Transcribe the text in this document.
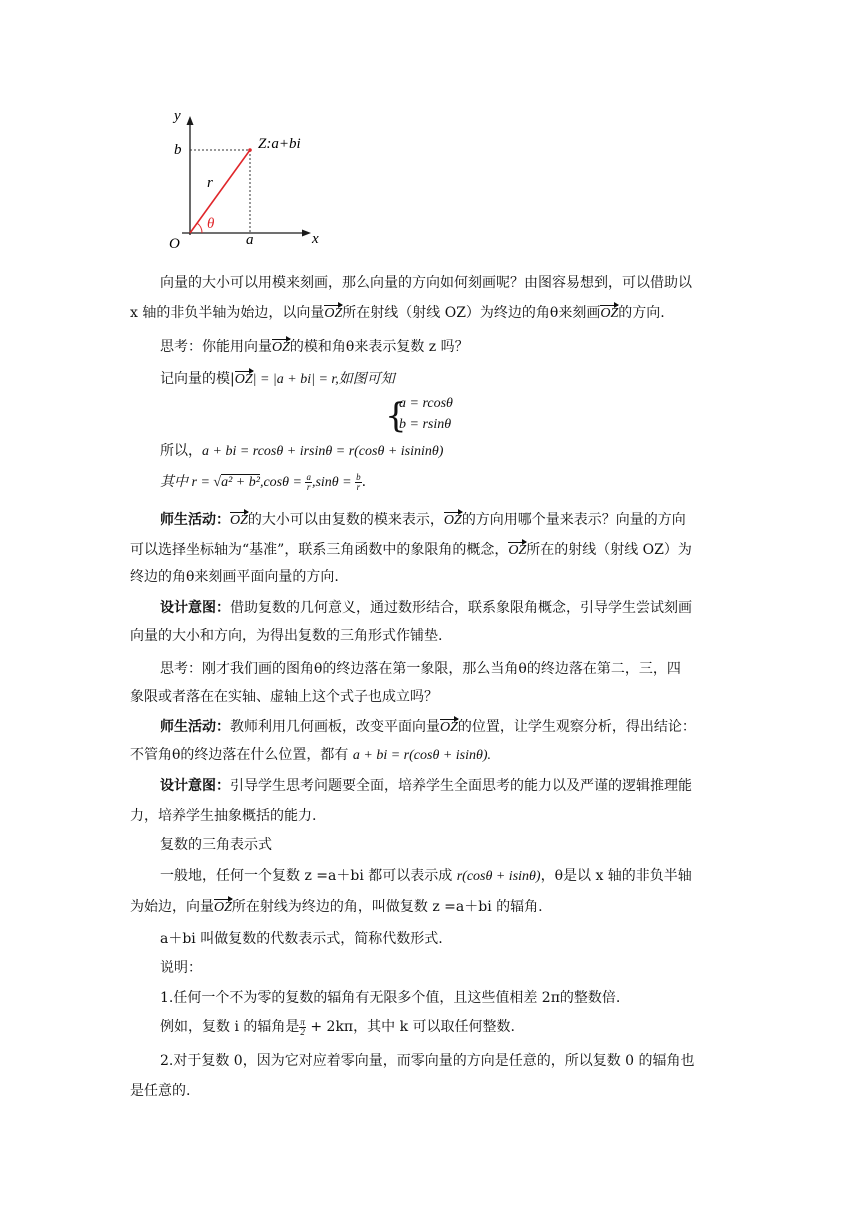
y
x
b
a
O
Z:a+bi
r
θ
向量的大小可以用模来刻画，那么向量的方向如何刻画呢？由图容易想到，可以借助以
x 轴的非负半轴为始边，以向量OZ所在射线（射线 OZ）为终边的角θ来刻画OZ的方向.
思考：你能用向量OZ的模和角θ来表示复数 z 吗？
记向量的模|OZ| = |a + bi| = r,如图可知
{
a = rcosθ
b = rsinθ
所以，a + bi = rcosθ + irsinθ = r(cosθ + isininθ)
其中 $r = √a^2 + b^2,\cos\theta = \frac{a}{r} ,\sin\theta = \frac{b}{r}$ .
师生活动：OZ的大小可以由复数的模来表示，OZ的方向用哪个量来表示？向量的方向
可以选择坐标轴为“基准”，联系三角函数中的象限角的概念，OZ所在的射线（射线 OZ）为
终边的角θ来刻画平面向量的方向.
设计意图：借助复数的几何意义，通过数形结合，联系象限角概念，引导学生尝试刻画
向量的大小和方向，为得出复数的三角形式作铺垫.
思考：刚才我们画的图角θ的终边落在第一象限，那么当角θ的终边落在第二，三，四
象限或者落在在实轴、虚轴上这个式子也成立吗？
师生活动：教师利用几何画板，改变平面向量OZ的位置，让学生观察分析，得出结论：
不管角θ的终边落在什么位置，都有 a + bi = r(cosθ + isinθ).
设计意图：引导学生思考问题要全面，培养学生全面思考的能力以及严谨的逻辑推理能
力，培养学生抽象概括的能力.
复数的三角表示式
一般地，任何一个复数 z =a＋bi 都可以表示成 r(cosθ + isinθ)，θ是以 x 轴的非负半轴
为始边，向量OZ所在射线为终边的角，叫做复数 z =a＋bi 的辐角.
a＋bi 叫做复数的代数表示式，简称代数形式.
说明：
1.任何一个不为零的复数的辐角有无限多个值，且这些值相差 2π的整数倍.
例如，复数 i 的辐角是 $\frac{\pi}{2} + 2k\pi$，其中 k 可以取任何整数.
2.对于复数 0，因为它对应着零向量，而零向量的方向是任意的，所以复数 0 的辐角也
是任意的.
